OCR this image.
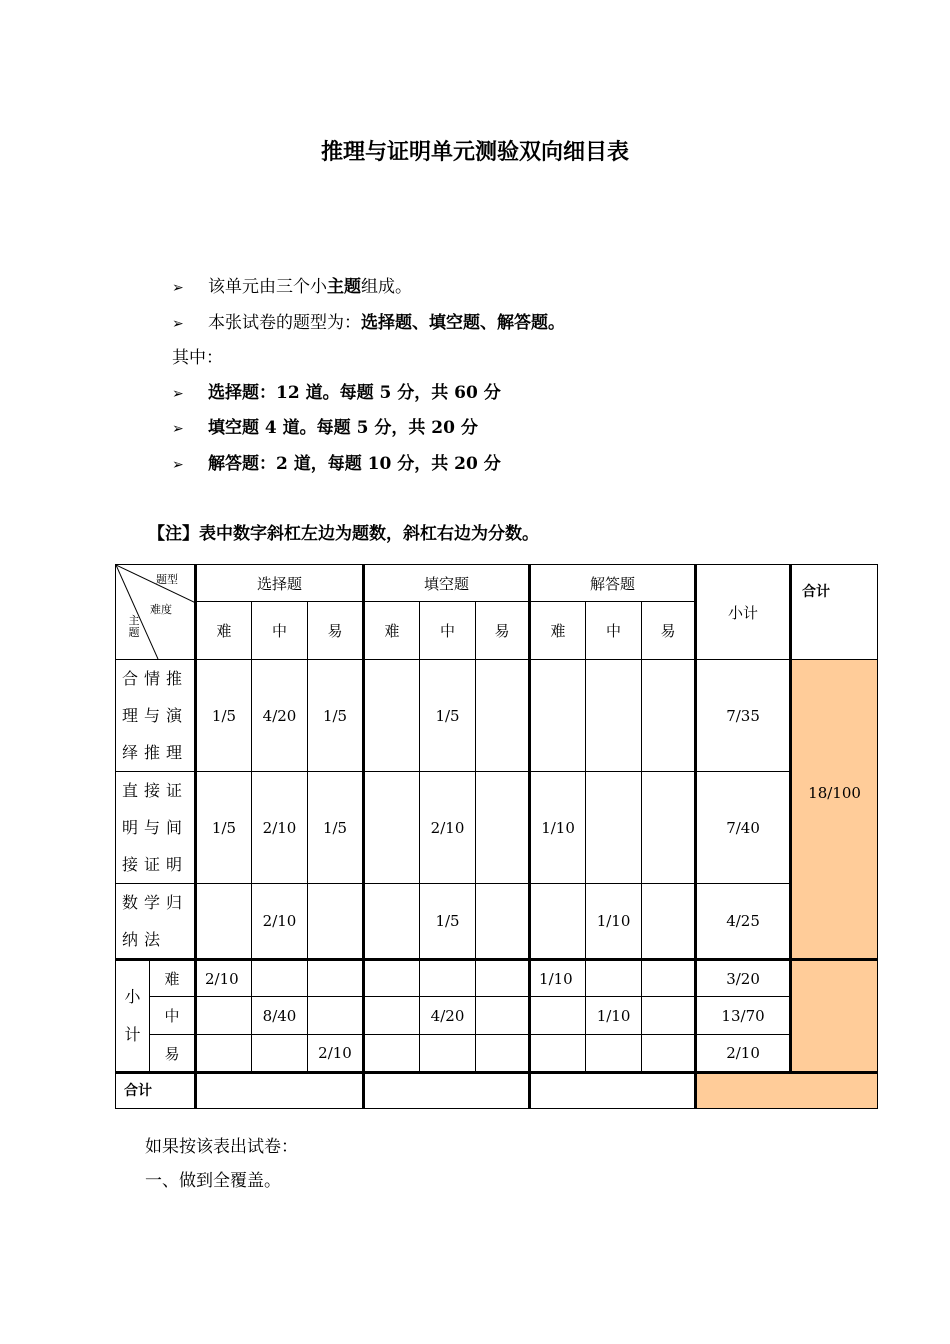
推理与证明单元测验双向细目表
➢ 该单元由三个小主题组成。
➢ 本张试卷的题型为：选择题、填空题、解答题。
其中：
➢ 选择题：12 道。每题 5 分，共 60 分
➢ 填空题 4 道。每题 5 分，共 20 分
➢ 解答题：2 道，每题 10 分，共 20 分
【注】表中数字斜杠左边为题数，斜杠右边为分数。
题型
难度
主题		选择题			填空题			解答题			小计	合计
		难	中	易	难	中	易	难	中	易		
合情推理与演绎推理		1/5	4/20	1/5		1/5					7/35	18/100
直接证明与间接证明		1/5	2/10	1/5		2/10		1/10			7/40	
数学归纳法			2/10			1/5			1/10		4/25	
小计	难	2/10						1/10			3/20	
	中		8/40			4/20			1/10		13/70	
	易			2/10							2/10	
合计												
如果按该表出试卷：
一、做到全覆盖。
